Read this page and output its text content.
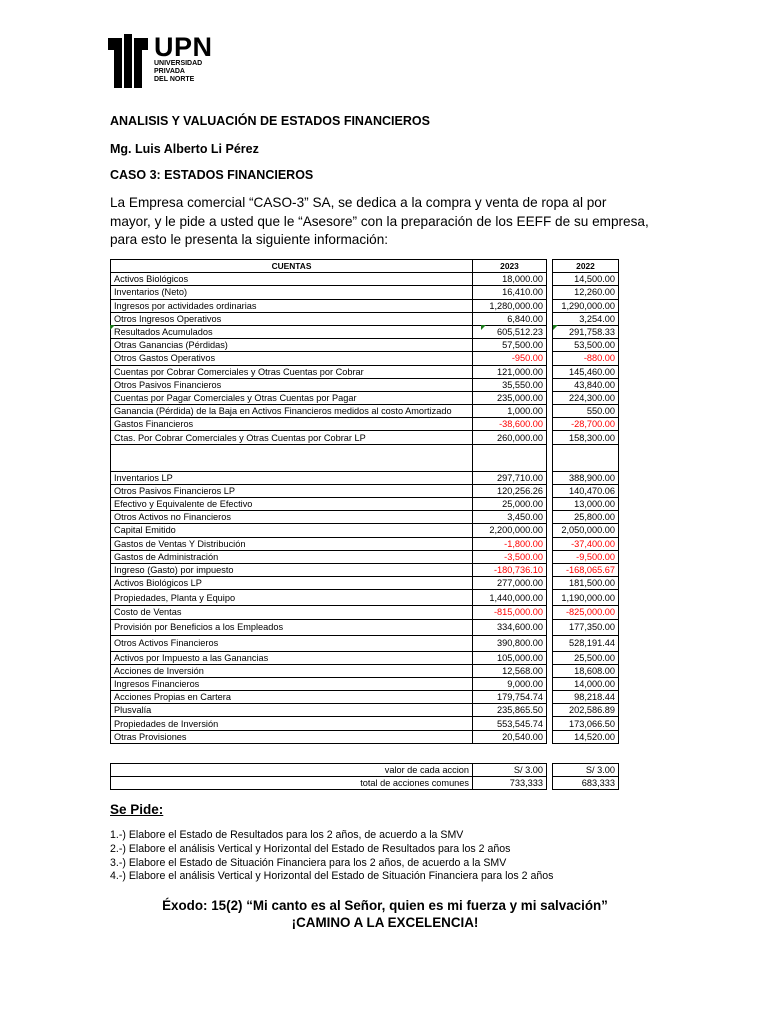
UPN
UNIVERSIDAD
PRIVADA
DEL NORTE
ANALISIS Y VALUACIÓN DE ESTADOS FINANCIEROS
Mg. Luis Alberto Li Pérez
CASO 3: ESTADOS FINANCIEROS
La Empresa comercial “CASO-3” SA, se dedica a la compra y venta de ropa al por mayor, y le pide a usted que le “Asesore” con la preparación de los EEFF de su empresa, para esto le presenta la siguiente información:
CUENTAS	2023		2022
Activos Biológicos	18,000.00		14,500.00
Inventarios (Neto)	16,410.00		12,260.00
Ingresos por actividades ordinarias	1,280,000.00		1,290,000.00
Otros Ingresos Operativos	6,840.00		3,254.00
Resultados Acumulados	605,512.23		291,758.33
Otras Ganancias (Pérdidas)	57,500.00		53,500.00
Otros Gastos Operativos	-950.00		-880.00
Cuentas por Cobrar Comerciales y Otras Cuentas por Cobrar	121,000.00		145,460.00
Otros Pasivos Financieros	35,550.00		43,840.00
Cuentas por Pagar Comerciales y Otras Cuentas por Pagar	235,000.00		224,300.00
Ganancia (Pérdida) de la Baja en Activos Financieros medidos al costo Amortizado	1,000.00		550.00
Gastos Financieros	-38,600.00		-28,700.00
Ctas. Por Cobrar Comerciales y Otras Cuentas por Cobrar LP	260,000.00		158,300.00

Inventarios LP	297,710.00		388,900.00
Otros Pasivos Financieros LP	120,256.26		140,470.06
Efectivo y Equivalente de Efectivo	25,000.00		13,000.00
Otros Activos no Financieros	3,450.00		25,800.00
Capital Emitido	2,200,000.00		2,050,000.00
Gastos de Ventas Y Distribución	-1,800.00		-37,400.00
Gastos de Administración	-3,500.00		-9,500.00
Ingreso (Gasto) por impuesto	-180,736.10		-168,065.67
Activos Biológicos LP	277,000.00		181,500.00
Propiedades, Planta y Equipo	1,440,000.00		1,190,000.00
Costo de Ventas	-815,000.00		-825,000.00
Provisión por Beneficios a los Empleados	334,600.00		177,350.00
Otros Activos Financieros	390,800.00		528,191.44
Activos por Impuesto a las Ganancias	105,000.00		25,500.00
Acciones de Inversión	12,568.00		18,608.00
Ingresos Financieros	9,000.00		14,000.00
Acciones Propias en Cartera	179,754.74		98,218.44
Plusvalía	235,865.50		202,586.89
Propiedades de Inversión	553,545.74		173,066.50
Otras Provisiones	20,540.00		14,520.00
valor de cada accion	S/ 3.00		S/ 3.00
total de acciones comunes	733,333		683,333
Se Pide:
1.-) Elabore el Estado de Resultados para los 2 años, de acuerdo a la SMV
2.-) Elabore el análisis Vertical y Horizontal del Estado de Resultados para los 2 años
3.-) Elabore el Estado de Situación Financiera para los 2 años, de acuerdo a la SMV
4.-) Elabore el análisis Vertical y Horizontal del Estado de Situación Financiera para los 2 años
Éxodo: 15(2) “Mi canto es al Señor, quien es mi fuerza y mi salvación”
¡CAMINO A LA EXCELENCIA!
